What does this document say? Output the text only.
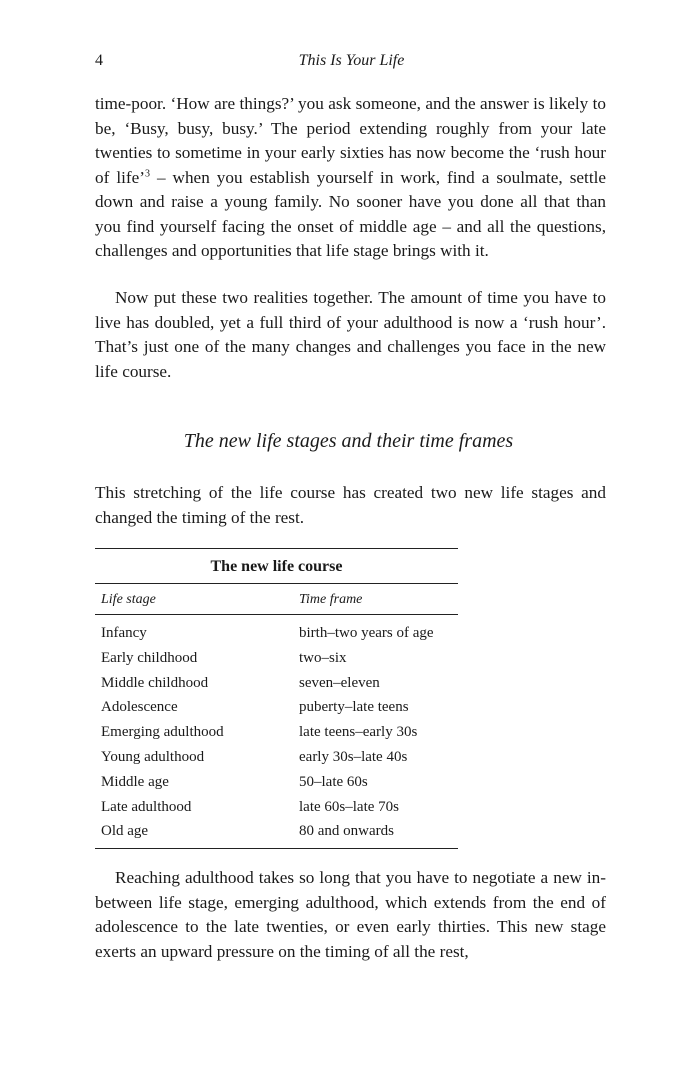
4	This Is Your Life

time-poor. ‘How are things?’ you ask someone, and the answer is likely to be, ‘Busy, busy, busy.’ The period extending roughly from your late twenties to sometime in your early sixties has now become the ‘rush hour of life’$^3$ – when you establish yourself in work, find a soulmate, settle down and raise a young family. No sooner have you done all that than you find yourself facing the onset of middle age – and all the questions, challenges and opportunities that life stage brings with it.

Now put these two realities together. The amount of time you have to live has doubled, yet a full third of your adulthood is now a ‘rush hour’. That’s just one of the many changes and challenges you face in the new life course.

The new life stages and their time frames

This stretching of the life course has created two new life stages and changed the timing of the rest.

The new life course
Life stage	Time frame
Infancy	birth–two years of age
Early childhood	two–six
Middle childhood	seven–eleven
Adolescence	puberty–late teens
Emerging adulthood	late teens–early 30s
Young adulthood	early 30s–late 40s
Middle age	50–late 60s
Late adulthood	late 60s–late 70s
Old age	80 and onwards

Reaching adulthood takes so long that you have to negotiate a new in-between life stage, emerging adulthood, which extends from the end of adolescence to the late twenties, or even early thirties. This new stage exerts an upward pressure on the timing of all the rest,
